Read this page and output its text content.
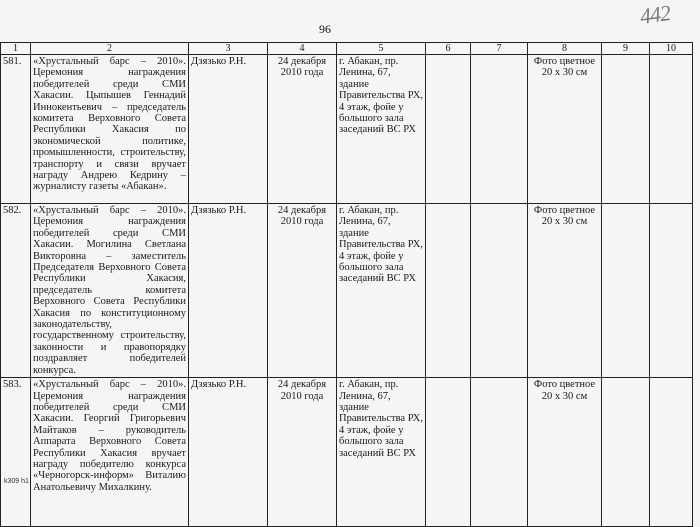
96
442
1	2	3	4	5	6	7	8	9	10
581.	«Хрустальный барс – 2010». Церемония награждения победителей среди СМИ Хакасии. Цыпышев Геннадий Иннокентьевич – председатель комитета Верховного Совета Республики Хакасия по экономической политике, промышленности, строительству, транспорту и связи вручает награду Андрею Кедрину – журналисту газеты «Абакан».	Дзязько Р.Н.	24 декабря 2010 года	г. Абакан, пр. Ленина, 67, здание Правительства РХ, 4 этаж, фойе у большого зала заседаний ВС РХ			Фото цветное 20 х 30 см		
582.	«Хрустальный барс – 2010». Церемония награждения победителей среди СМИ Хакасии. Могилина Светлана Викторовна – заместитель Председателя Верховного Совета Республики Хакасия, председатель комитета Верховного Совета Республики Хакасия по конституционному законодательству, государственному строительству, законности и правопорядку поздравляет победителей конкурса.	Дзязько Р.Н.	24 декабря 2010 года	г. Абакан, пр. Ленина, 67, здание Правительства РХ, 4 этаж, фойе у большого зала заседаний ВС РХ			Фото цветное 20 х 30 см		
583.	«Хрустальный барс – 2010». Церемония награждения победителей среди СМИ Хакасии. Георгий Григорьевич Майтаков – руководитель Аппарата Верховного Совета Республики Хакасия вручает награду победителю конкурса «Черногорск-информ» Виталию Анатольевичу Михалкину.	Дзязько Р.Н.	24 декабря 2010 года	г. Абакан, пр. Ленина, 67, здание Правительства РХ, 4 этаж, фойе у большого зала заседаний ВС РХ			Фото цветное 20 х 30 см		
k309 h1
